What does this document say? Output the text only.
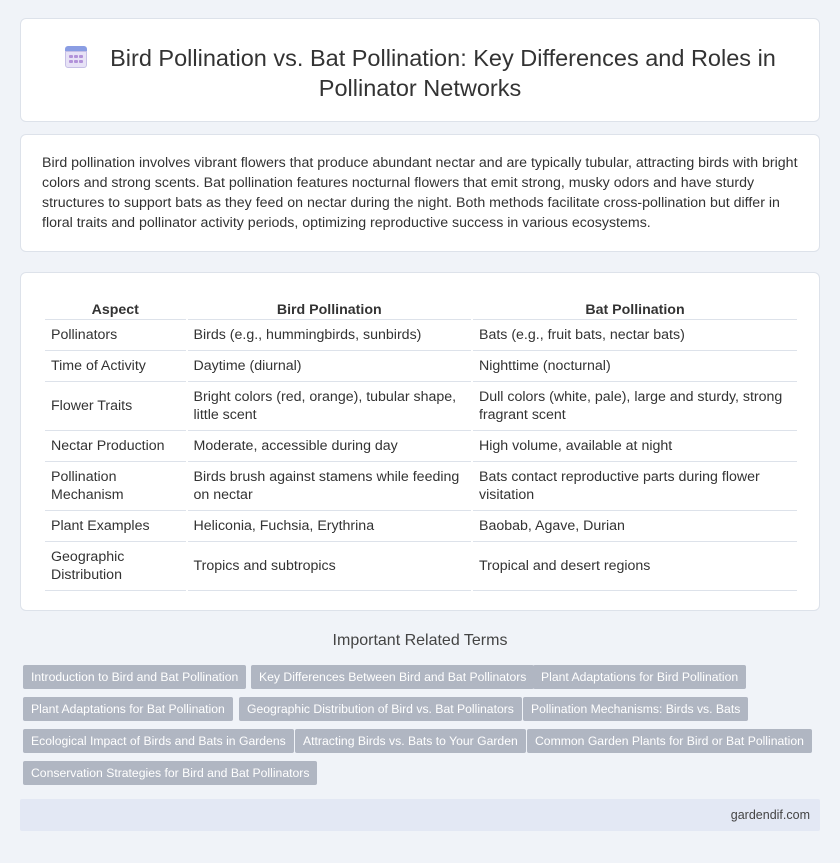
Bird Pollination vs. Bat Pollination: Key Differences and Roles in Pollinator Networks

Bird pollination involves vibrant flowers that produce abundant nectar and are typically tubular, attracting birds with bright colors and strong scents. Bat pollination features nocturnal flowers that emit strong, musky odors and have sturdy structures to support bats as they feed on nectar during the night. Both methods facilitate cross-pollination but differ in floral traits and pollinator activity periods, optimizing reproductive success in various ecosystems.

Aspect	Bird Pollination	Bat Pollination
Pollinators	Birds (e.g., hummingbirds, sunbirds)	Bats (e.g., fruit bats, nectar bats)
Time of Activity	Daytime (diurnal)	Nighttime (nocturnal)
Flower Traits	Bright colors (red, orange), tubular shape, little scent	Dull colors (white, pale), large and sturdy, strong fragrant scent
Nectar Production	Moderate, accessible during day	High volume, available at night
Pollination Mechanism	Birds brush against stamens while feeding on nectar	Bats contact reproductive parts during flower visitation
Plant Examples	Heliconia, Fuchsia, Erythrina	Baobab, Agave, Durian
Geographic Distribution	Tropics and subtropics	Tropical and desert regions
Important Related Terms
Introduction to Bird and Bat Pollination	Key Differences Between Bird and Bat Pollinators	Plant Adaptations for Bird Pollination
Plant Adaptations for Bat Pollination	Geographic Distribution of Bird vs. Bat Pollinators	Pollination Mechanisms: Birds vs. Bats
Ecological Impact of Birds and Bats in Gardens	Attracting Birds vs. Bats to Your Garden	Common Garden Plants for Bird or Bat Pollination
Conservation Strategies for Bird and Bat Pollinators
gardendif.com
